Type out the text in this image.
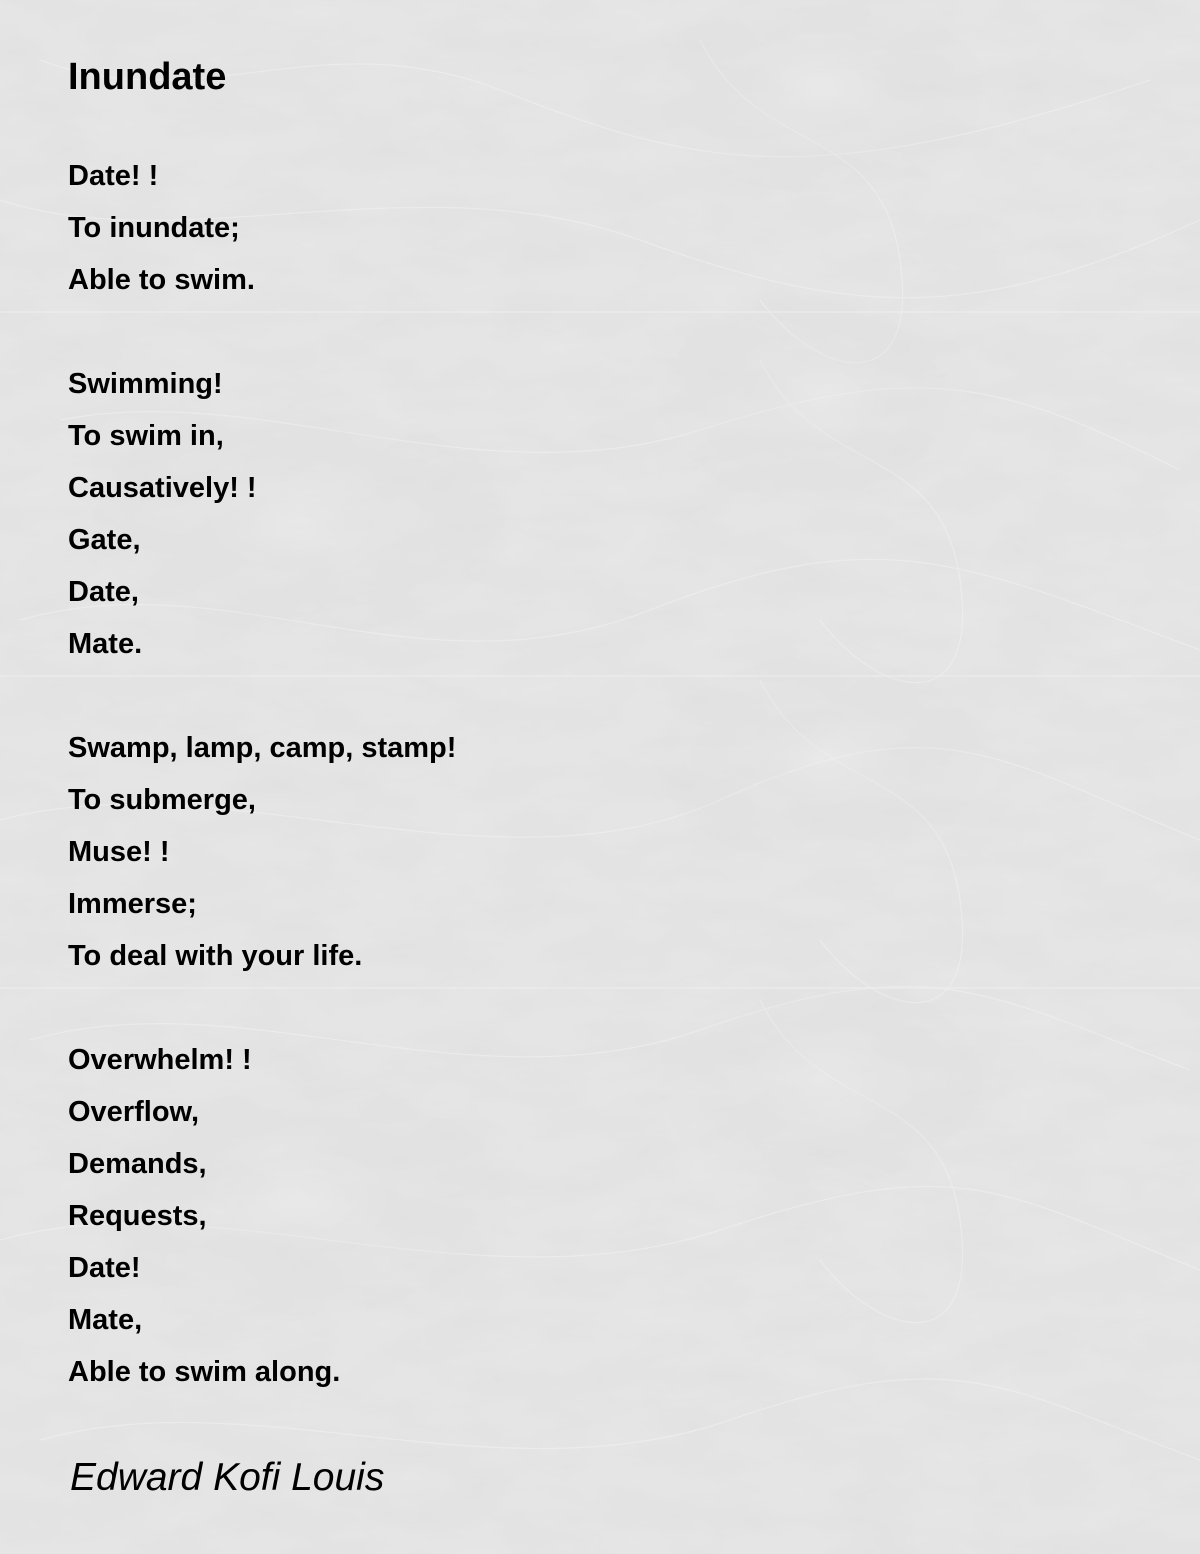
Inundate
Date! !
To inundate;
Able to swim.
Swimming!
To swim in,
Causatively! !
Gate,
Date,
Mate.
Swamp, lamp, camp, stamp!
To submerge,
Muse! !
Immerse;
To deal with your life.
Overwhelm! !
Overflow,
Demands,
Requests,
Date!
Mate,
Able to swim along.
Edward Kofi Louis
